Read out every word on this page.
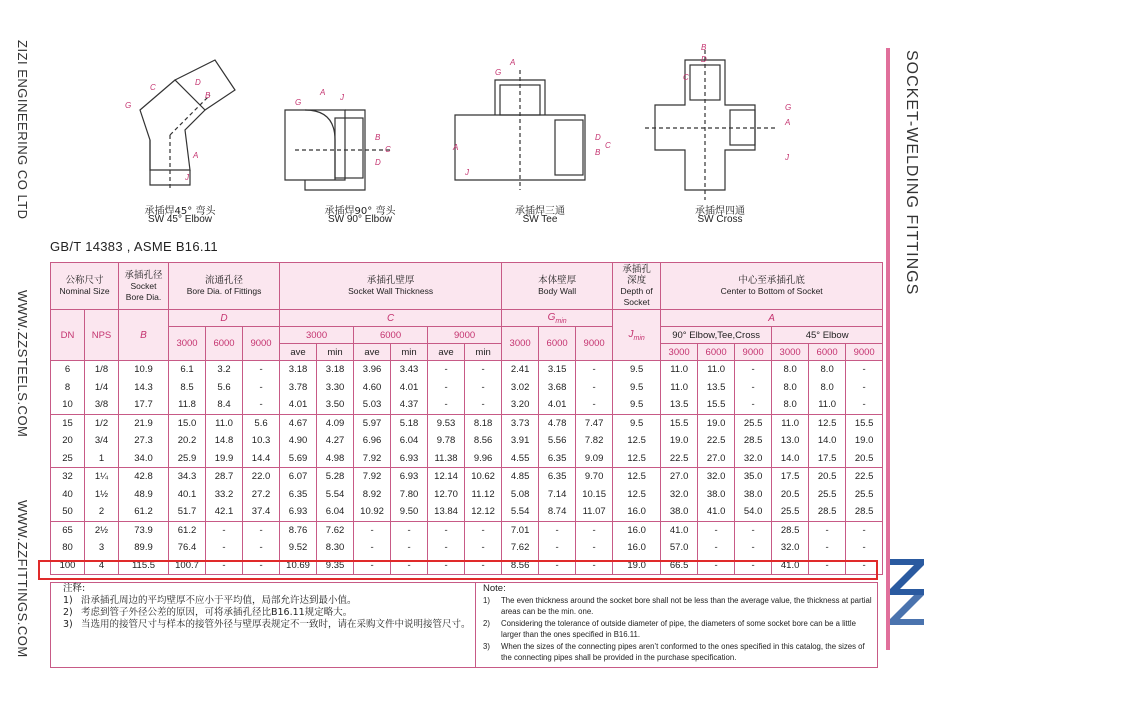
ZIZI ENGINEERING CO LTD
WWW.ZZSTEELS.COM
WWW.ZZFITTINGS.COM
SOCKET-WELDING FITTINGS
G
C
D
B
A
J
承插焊45° 弯头
SW 45° Elbow
A
J
G
B
D
C
承插焊90° 弯头
SW 90° Elbow
A
G
D
B
C
A
J
承插焊三通
SW Tee
B
D
C
G
A
J
承插焊四通
SW Cross
GB/T 14383 , ASME B16.11
公称尺寸
Nominal Size		承插孔径
Socket
Bore Dia.	流通孔径
Bore Dia. of Fittings			承插孔壁厚
Socket Wall Thickness						本体壁厚
Body Wall			承插孔
深度
Depth of
Socket	中心至承插孔底
Center to Bottom of Socket					

DN	NPS	B	D			C						$G_{min}$			$J_{min}$	A					
			3000	6000	9000	3000		6000		9000		3000	6000	9000		90° Elbow,Tee,Cross			45° Elbow		
						ave	min	ave	min	ave	min					3000	6000	9000	3000	6000	9000
6	1/8	10.9	6.1	3.2	-	3.18	3.18	3.96	3.43	-	-	2.41	3.15	-	9.5	11.0	11.0	-	8.0	8.0	-
8	1/4	14.3	8.5	5.6	-	3.78	3.30	4.60	4.01	-	-	3.02	3.68	-	9.5	11.0	13.5	-	8.0	8.0	-
10	3/8	17.7	11.8	8.4	-	4.01	3.50	5.03	4.37	-	-	3.20	4.01	-	9.5	13.5	15.5	-	8.0	11.0	-
15	1/2	21.9	15.0	11.0	5.6	4.67	4.09	5.97	5.18	9.53	8.18	3.73	4.78	7.47	9.5	15.5	19.0	25.5	11.0	12.5	15.5
20	3/4	27.3	20.2	14.8	10.3	4.90	4.27	6.96	6.04	9.78	8.56	3.91	5.56	7.82	12.5	19.0	22.5	28.5	13.0	14.0	19.0
25	1	34.0	25.9	19.9	14.4	5.69	4.98	7.92	6.93	11.38	9.96	4.55	6.35	9.09	12.5	22.5	27.0	32.0	14.0	17.5	20.5
32	1¼	42.8	34.3	28.7	22.0	6.07	5.28	7.92	6.93	12.14	10.62	4.85	6.35	9.70	12.5	27.0	32.0	35.0	17.5	20.5	22.5
40	1½	48.9	40.1	33.2	27.2	6.35	5.54	8.92	7.80	12.70	11.12	5.08	7.14	10.15	12.5	32.0	38.0	38.0	20.5	25.5	25.5
50	2	61.2	51.7	42.1	37.4	6.93	6.04	10.92	9.50	13.84	12.12	5.54	8.74	11.07	16.0	38.0	41.0	54.0	25.5	28.5	28.5
65	2½	73.9	61.2	-	-	8.76	7.62	-	-	-	-	7.01	-	-	16.0	41.0	-	-	28.5	-	-
80	3	89.9	76.4	-	-	9.52	8.30	-	-	-	-	7.62	-	-	16.0	57.0	-	-	32.0	-	-
100	4	115.5	100.7	-	-	10.69	9.35	-	-	-	-	8.56	-	-	19.0	66.5	-	-	41.0	-	-
注释:
1) 沿承插孔周边的平均壁厚不应小于平均值，局部允许达到最小值。
2) 考虑到管子外径公差的原因，可将承插孔径比B16.11规定略大。
3) 当选用的接管尺寸与样本的接管外径与壁厚表规定不一致时，请在采购文件中说明接管尺寸。
Note:
1)	The even thickness around the socket bore shall not be less than the average value, the thickness at partial areas can be the min. one.
2)	Considering the tolerance of outside diameter of pipe, the diameters of some socket bore can be a little larger than the ones specified in B16.11.
3)	When the sizes of the connecting pipes aren’t conformed to the ones specified in this catalog, the sizes of the connecting pipes shall be provided in the purchase specification.
